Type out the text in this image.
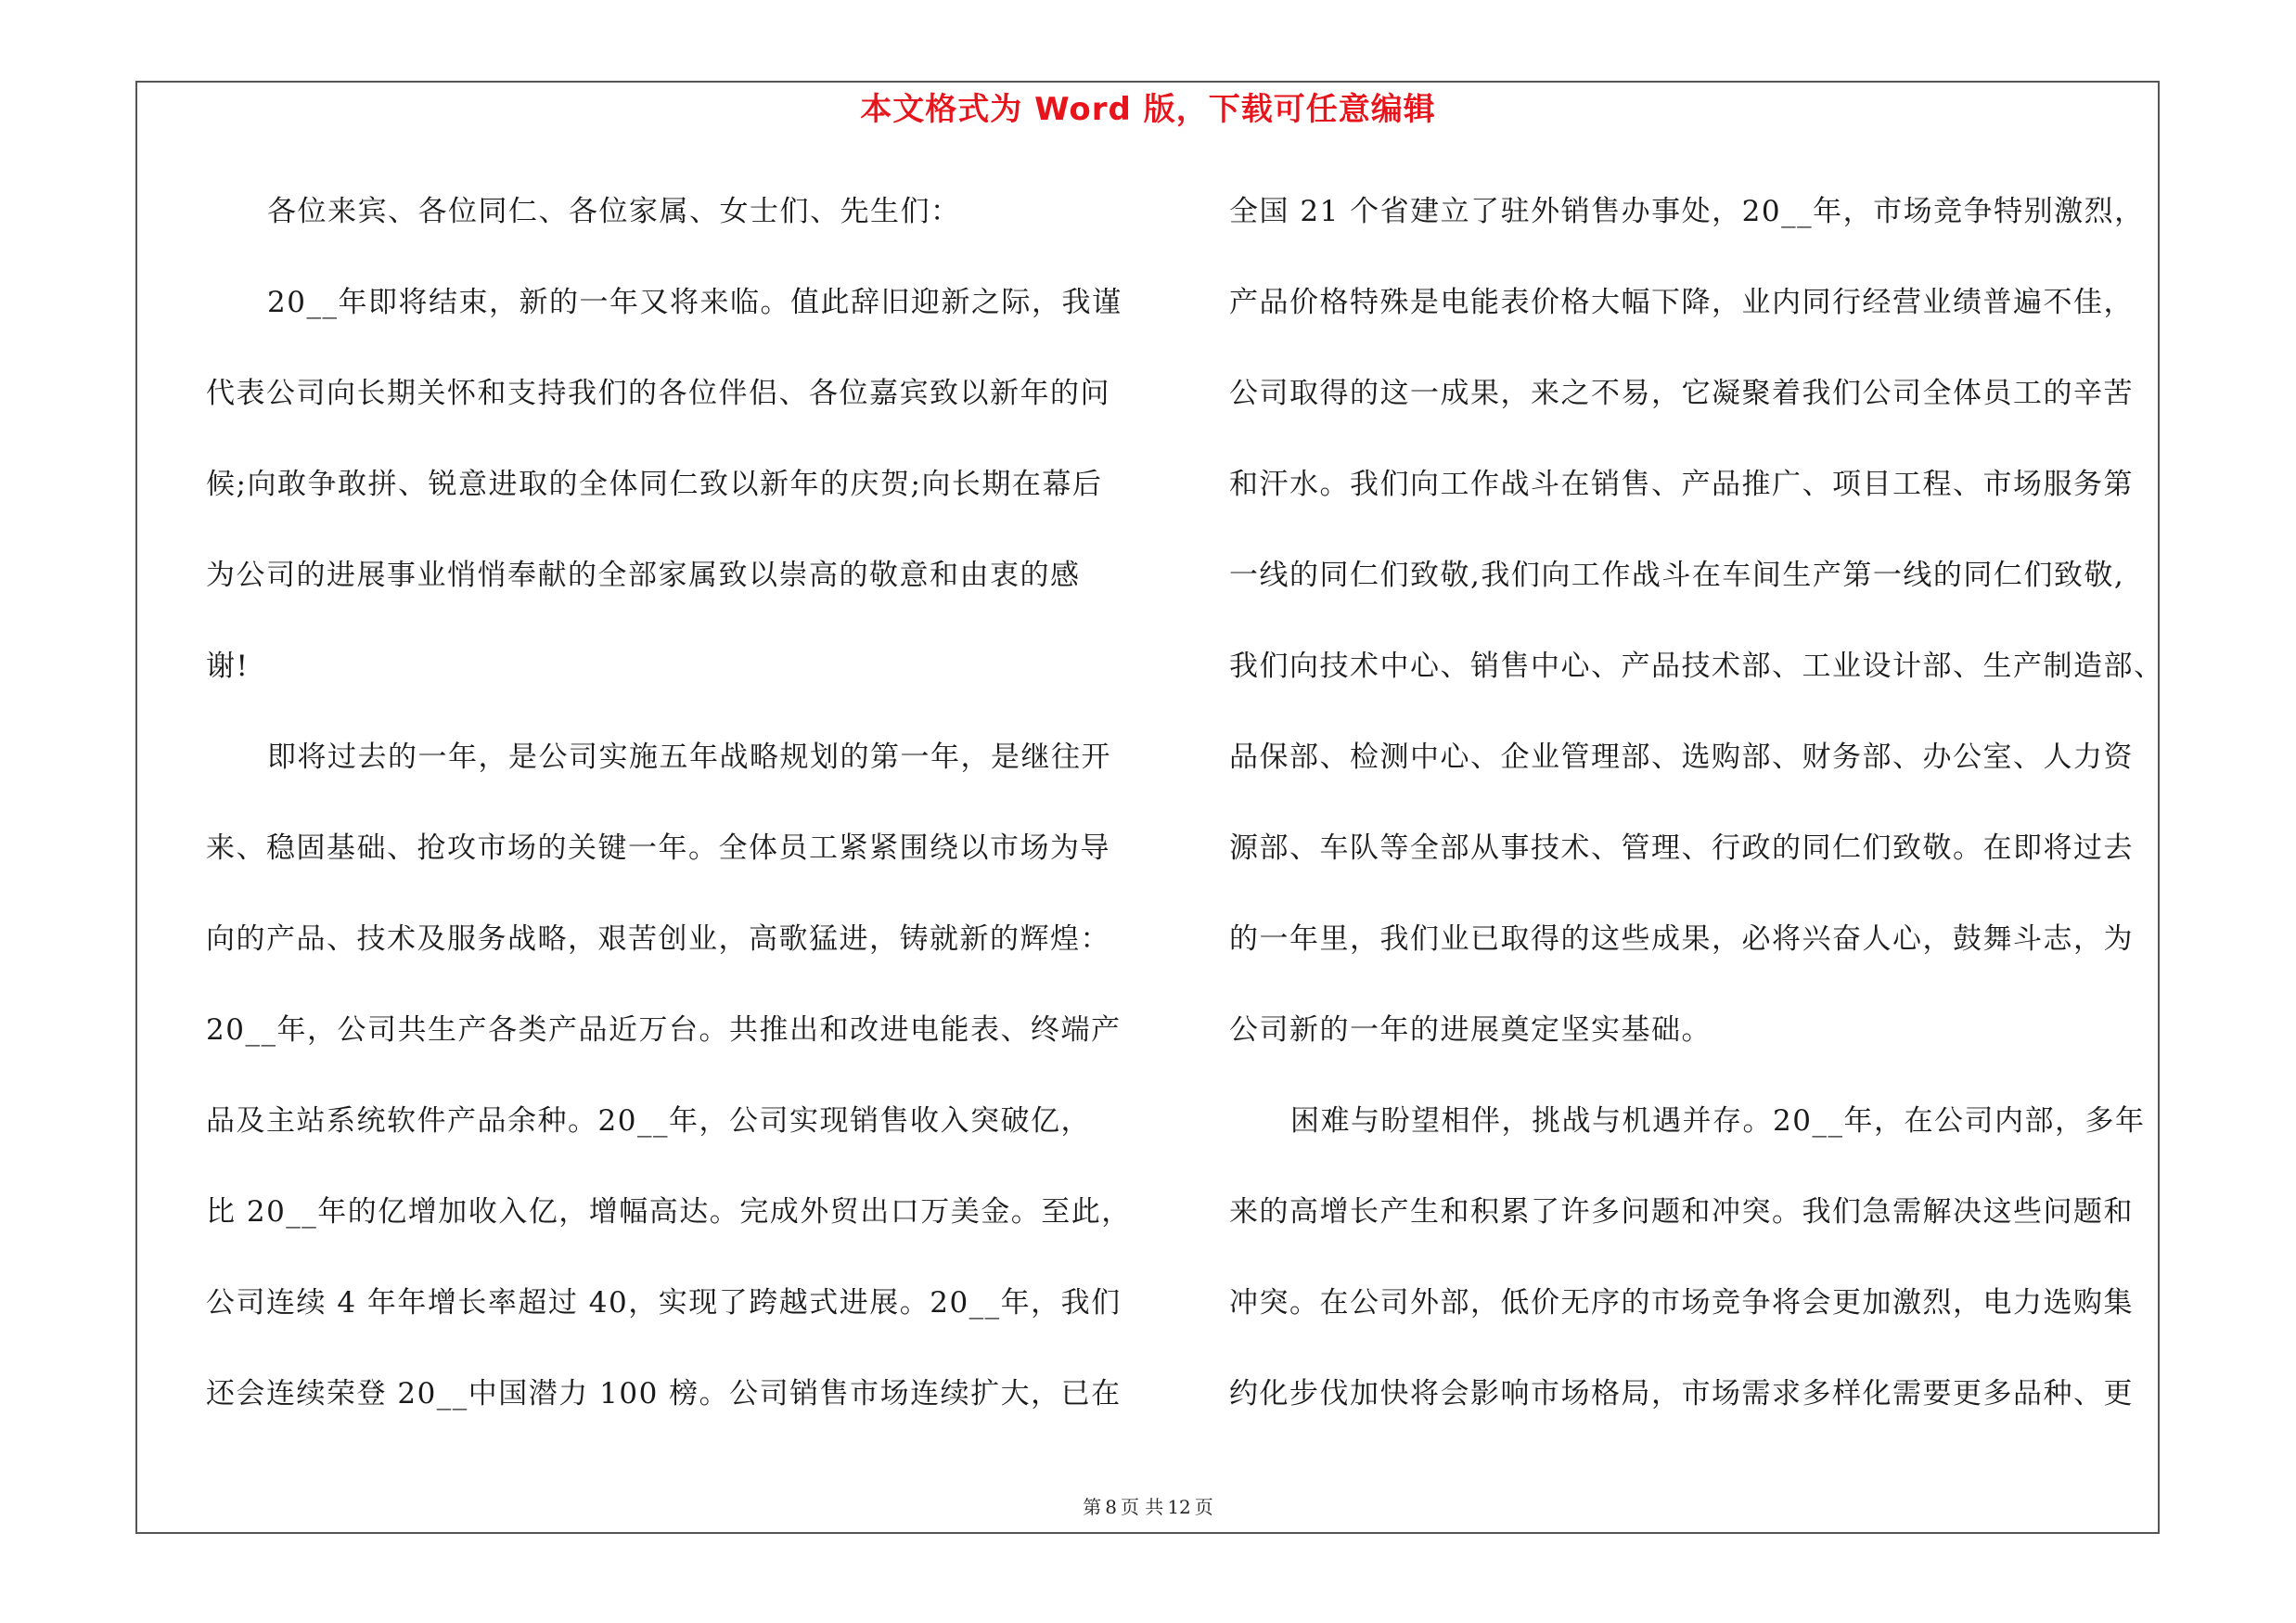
本文格式为 Word 版，下载可任意编辑
各位来宾、各位同仁、各位家属、女士们、先生们：
20__年即将结束，新的一年又将来临。值此辞旧迎新之际，我谨
代表公司向长期关怀和支持我们的各位伴侣、各位嘉宾致以新年的问
候;向敢争敢拼、锐意进取的全体同仁致以新年的庆贺;向长期在幕后
为公司的进展事业悄悄奉献的全部家属致以崇高的敬意和由衷的感
谢!
即将过去的一年，是公司实施五年战略规划的第一年，是继往开
来、稳固基础、抢攻市场的关键一年。全体员工紧紧围绕以市场为导
向的产品、技术及服务战略，艰苦创业，高歌猛进，铸就新的辉煌：
20__年，公司共生产各类产品近万台。共推出和改进电能表、终端产
品及主站系统软件产品余种。20__年，公司实现销售收入突破亿，
比 20__年的亿增加收入亿，增幅高达。完成外贸出口万美金。至此，
公司连续 4 年年增长率超过 40，实现了跨越式进展。20__年，我们
还会连续荣登 20__中国潜力 100 榜。公司销售市场连续扩大，已在
全国 21 个省建立了驻外销售办事处，20__年，市场竞争特别激烈，
产品价格特殊是电能表价格大幅下降，业内同行经营业绩普遍不佳，
公司取得的这一成果，来之不易，它凝聚着我们公司全体员工的辛苦
和汗水。我们向工作战斗在销售、产品推广、项目工程、市场服务第
一线的同仁们致敬,我们向工作战斗在车间生产第一线的同仁们致敬,
我们向技术中心、销售中心、产品技术部、工业设计部、生产制造部、
品保部、检测中心、企业管理部、选购部、财务部、办公室、人力资
源部、车队等全部从事技术、管理、行政的同仁们致敬。在即将过去
的一年里，我们业已取得的这些成果，必将兴奋人心，鼓舞斗志，为
公司新的一年的进展奠定坚实基础。
困难与盼望相伴，挑战与机遇并存。20__年，在公司内部，多年
来的高增长产生和积累了许多问题和冲突。我们急需解决这些问题和
冲突。在公司外部，低价无序的市场竞争将会更加激烈，电力选购集
约化步伐加快将会影响市场格局，市场需求多样化需要更多品种、更
第 8 页 共 12 页
